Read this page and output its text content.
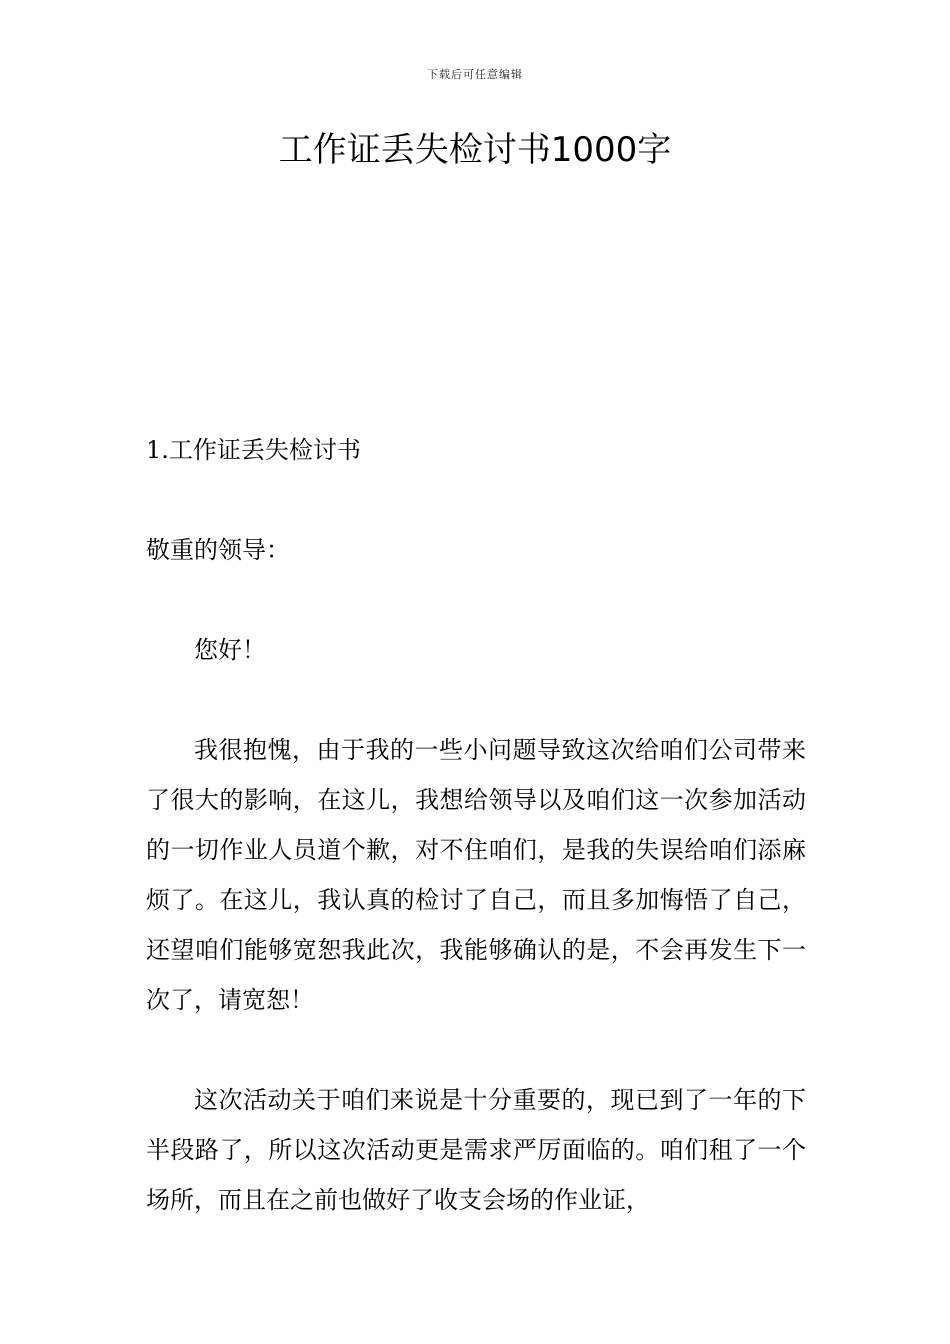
下载后可任意编辑
工作证丢失检讨书1000字

1.工作证丢失检讨书

敬重的领导：

您好！

我很抱愧，由于我的一些小问题导致这次给咱们公司带来了很大的影响，在这儿，我想给领导以及咱们这一次参加活动的一切作业人员道个歉，对不住咱们，是我的失误给咱们添麻烦了。在这儿，我认真的检讨了自己，而且多加悔悟了自己，还望咱们能够宽恕我此次，我能够确认的是，不会再发生下一次了，请宽恕！

这次活动关于咱们来说是十分重要的，现已到了一年的下半段路了，所以这次活动更是需求严厉面临的。咱们租了一个场所，而且在之前也做好了收支会场的作业证，
